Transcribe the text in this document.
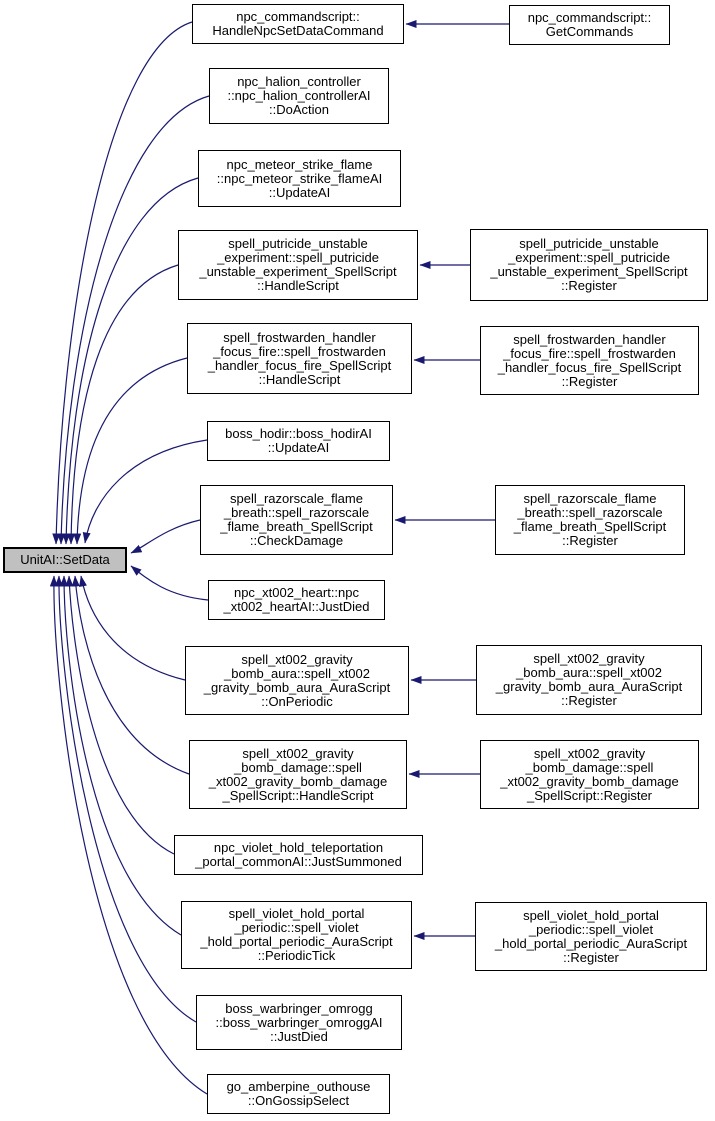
UnitAI::SetData
npc_commandscript::
HandleNpcSetDataCommand
npc_halion_controller
::npc_halion_controllerAI
::DoAction
npc_meteor_strike_flame
::npc_meteor_strike_flameAI
::UpdateAI
spell_putricide_unstable
_experiment::spell_putricide
_unstable_experiment_SpellScript
::HandleScript
spell_frostwarden_handler
_focus_fire::spell_frostwarden
_handler_focus_fire_SpellScript
::HandleScript
boss_hodir::boss_hodirAI
::UpdateAI
spell_razorscale_flame
_breath::spell_razorscale
_flame_breath_SpellScript
::CheckDamage
npc_xt002_heart::npc
_xt002_heartAI::JustDied
spell_xt002_gravity
_bomb_aura::spell_xt002
_gravity_bomb_aura_AuraScript
::OnPeriodic
spell_xt002_gravity
_bomb_damage::spell
_xt002_gravity_bomb_damage
_SpellScript::HandleScript
npc_violet_hold_teleportation
_portal_commonAI::JustSummoned
spell_violet_hold_portal
_periodic::spell_violet
_hold_portal_periodic_AuraScript
::PeriodicTick
boss_warbringer_omrogg
::boss_warbringer_omroggAI
::JustDied
go_amberpine_outhouse
::OnGossipSelect
npc_commandscript::
GetCommands
spell_putricide_unstable
_experiment::spell_putricide
_unstable_experiment_SpellScript
::Register
spell_frostwarden_handler
_focus_fire::spell_frostwarden
_handler_focus_fire_SpellScript
::Register
spell_razorscale_flame
_breath::spell_razorscale
_flame_breath_SpellScript
::Register
spell_xt002_gravity
_bomb_aura::spell_xt002
_gravity_bomb_aura_AuraScript
::Register
spell_xt002_gravity
_bomb_damage::spell
_xt002_gravity_bomb_damage
_SpellScript::Register
spell_violet_hold_portal
_periodic::spell_violet
_hold_portal_periodic_AuraScript
::Register
